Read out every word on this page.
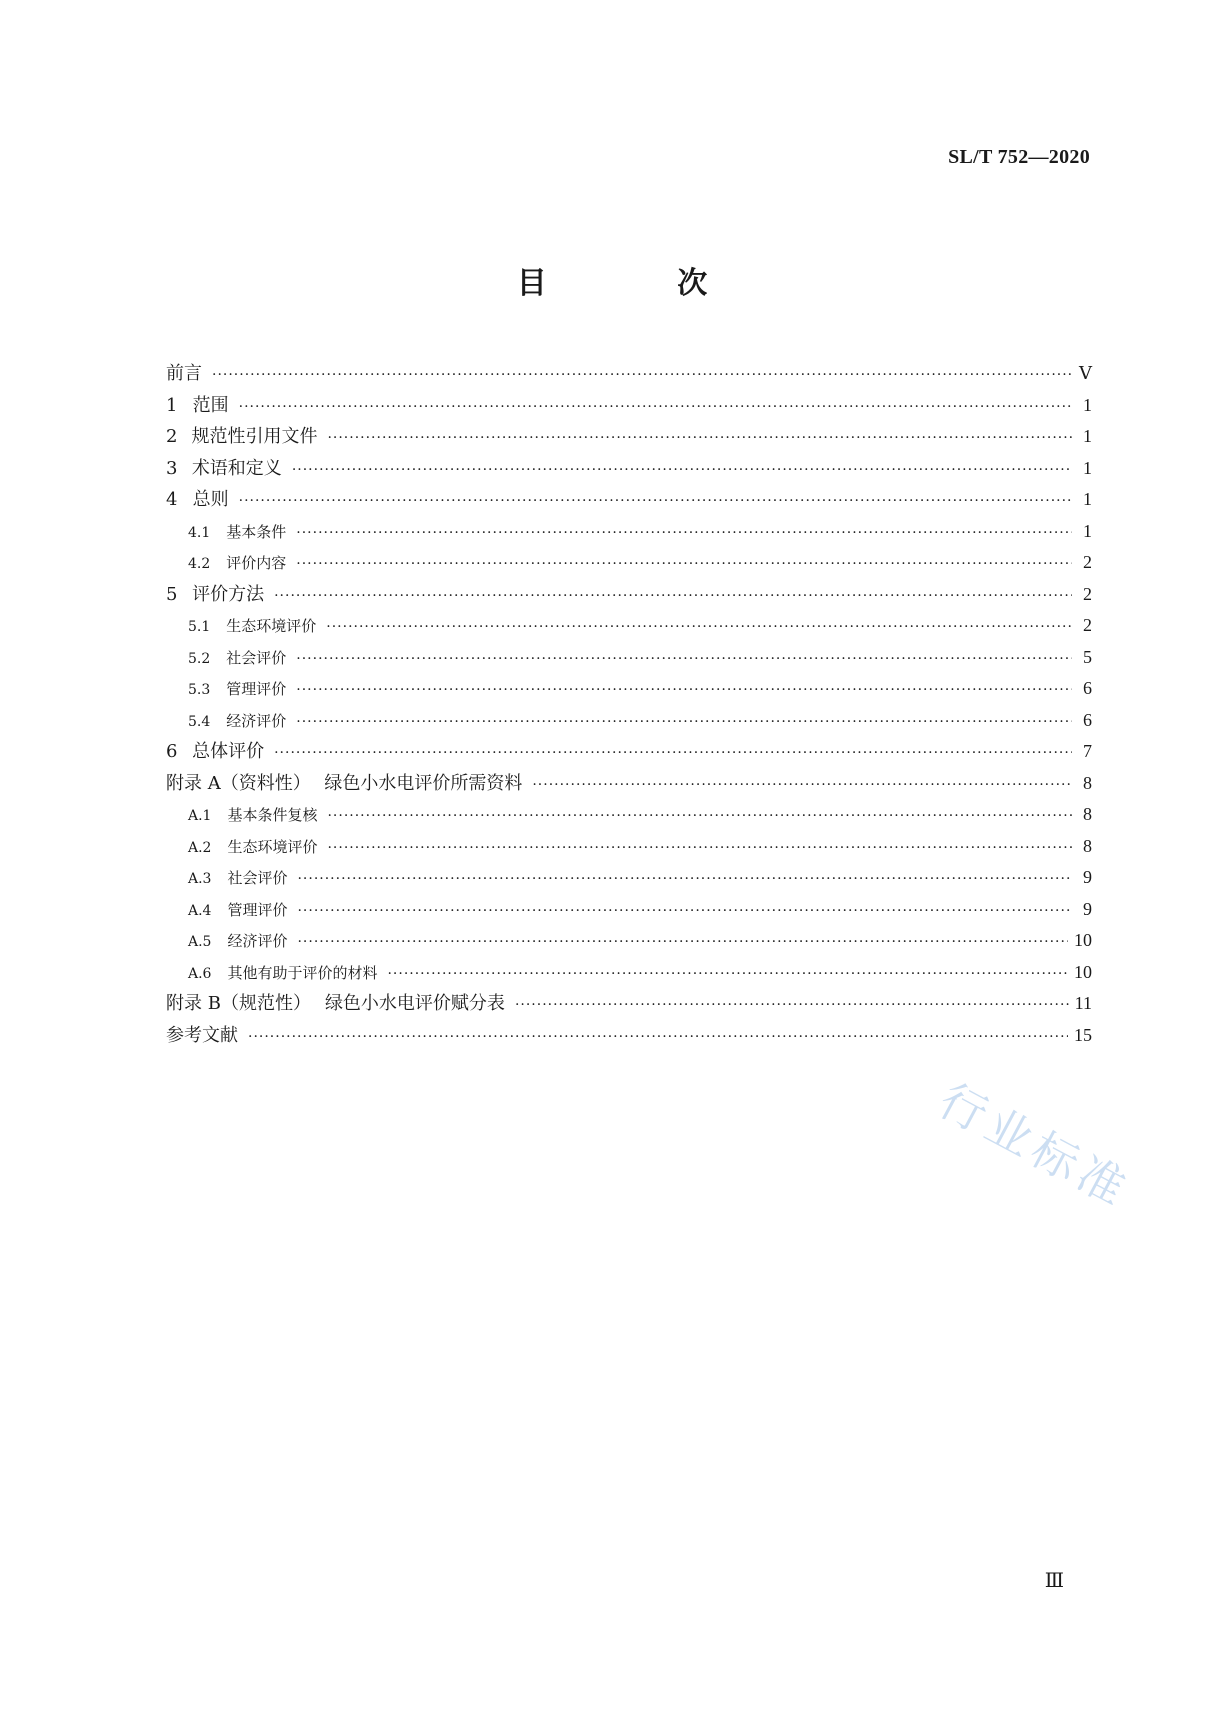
SL/T 752—2020
目 次
前言 ·····	Ⅴ
1 范围 ·····	1
2 规范性引用文件 ·····	1
3 术语和定义 ·····	1
4 总则 ·····	1
4.1 基本条件 ·····	1
4.2 评价内容 ·····	2
5 评价方法 ·····	2
5.1 生态环境评价 ·····	2
5.2 社会评价 ·····	5
5.3 管理评价 ·····	6
5.4 经济评价 ·····	6
6 总体评价 ·····	7
附录 A（资料性） 绿色小水电评价所需资料 ·····	8
A.1 基本条件复核 ·····	8
A.2 生态环境评价 ·····	8
A.3 社会评价 ·····	9
A.4 管理评价 ·····	9
A.5 经济评价 ·····	10
A.6 其他有助于评价的材料 ·····	10
附录 B（规范性） 绿色小水电评价赋分表 ·····	11
参考文献 ·····	15
行业标准
Ⅲ
